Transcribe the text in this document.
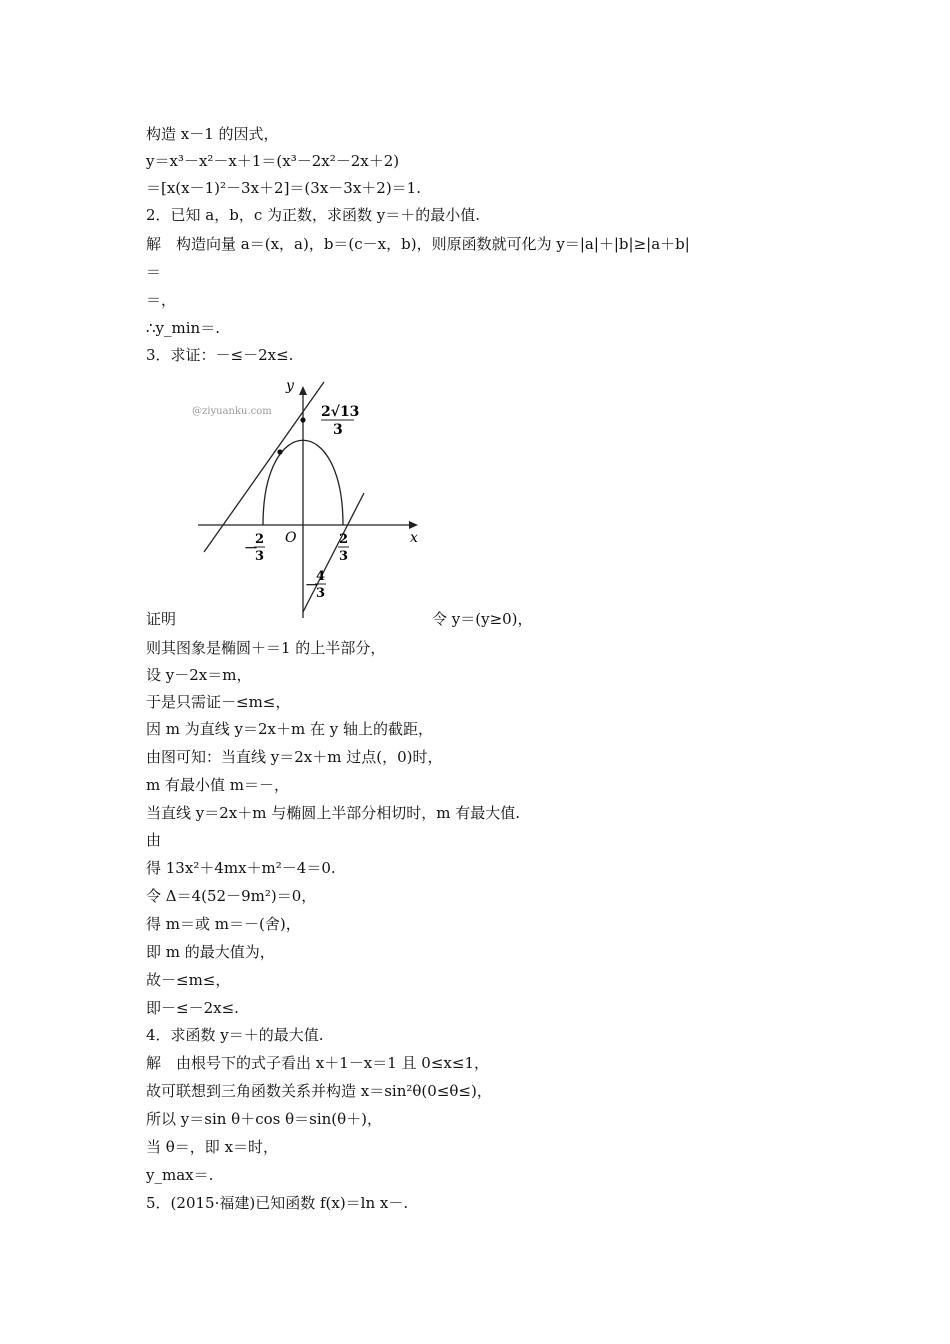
构造 x－1 的因式，
y＝x³－x²－x＋1＝(x³－2x²－2x＋2)
＝[x(x－1)²－3x＋2]＝(3x－3x＋2)＝1.
2．已知 a，b，c 为正数，求函数 y＝＋的最小值.
解　构造向量 a＝(x，a)，b＝(c－x，b)，则原函数就可化为 y＝|a|＋|b|≥|a＋b|
＝
＝，
∴y_min＝.
3．求证：－≤－2x≤.
@ziyuanku.com
y
x
O
2√13
3
－
2
3
2
3
－
4
3
证明	令 y＝(y≥0)，
则其图象是椭圆＋＝1 的上半部分，
设 y－2x＝m，
于是只需证－≤m≤，
因 m 为直线 y＝2x＋m 在 y 轴上的截距，
由图可知：当直线 y＝2x＋m 过点(，0)时，
m 有最小值 m＝－，
当直线 y＝2x＋m 与椭圆上半部分相切时，m 有最大值.
由
得 13x²＋4mx＋m²－4＝0.
令 Δ＝4(52－9m²)＝0，
得 m＝或 m＝－(舍)，
即 m 的最大值为，
故－≤m≤，
即－≤－2x≤.
4．求函数 y＝＋的最大值.
解　由根号下的式子看出 x＋1－x＝1 且 0≤x≤1，
故可联想到三角函数关系并构造 x＝sin²θ(0≤θ≤)，
所以 y＝sin θ＋cos θ＝sin(θ＋)，
当 θ＝，即 x＝时，
y_max＝.
5．(2015·福建)已知函数 f(x)＝ln x－.
